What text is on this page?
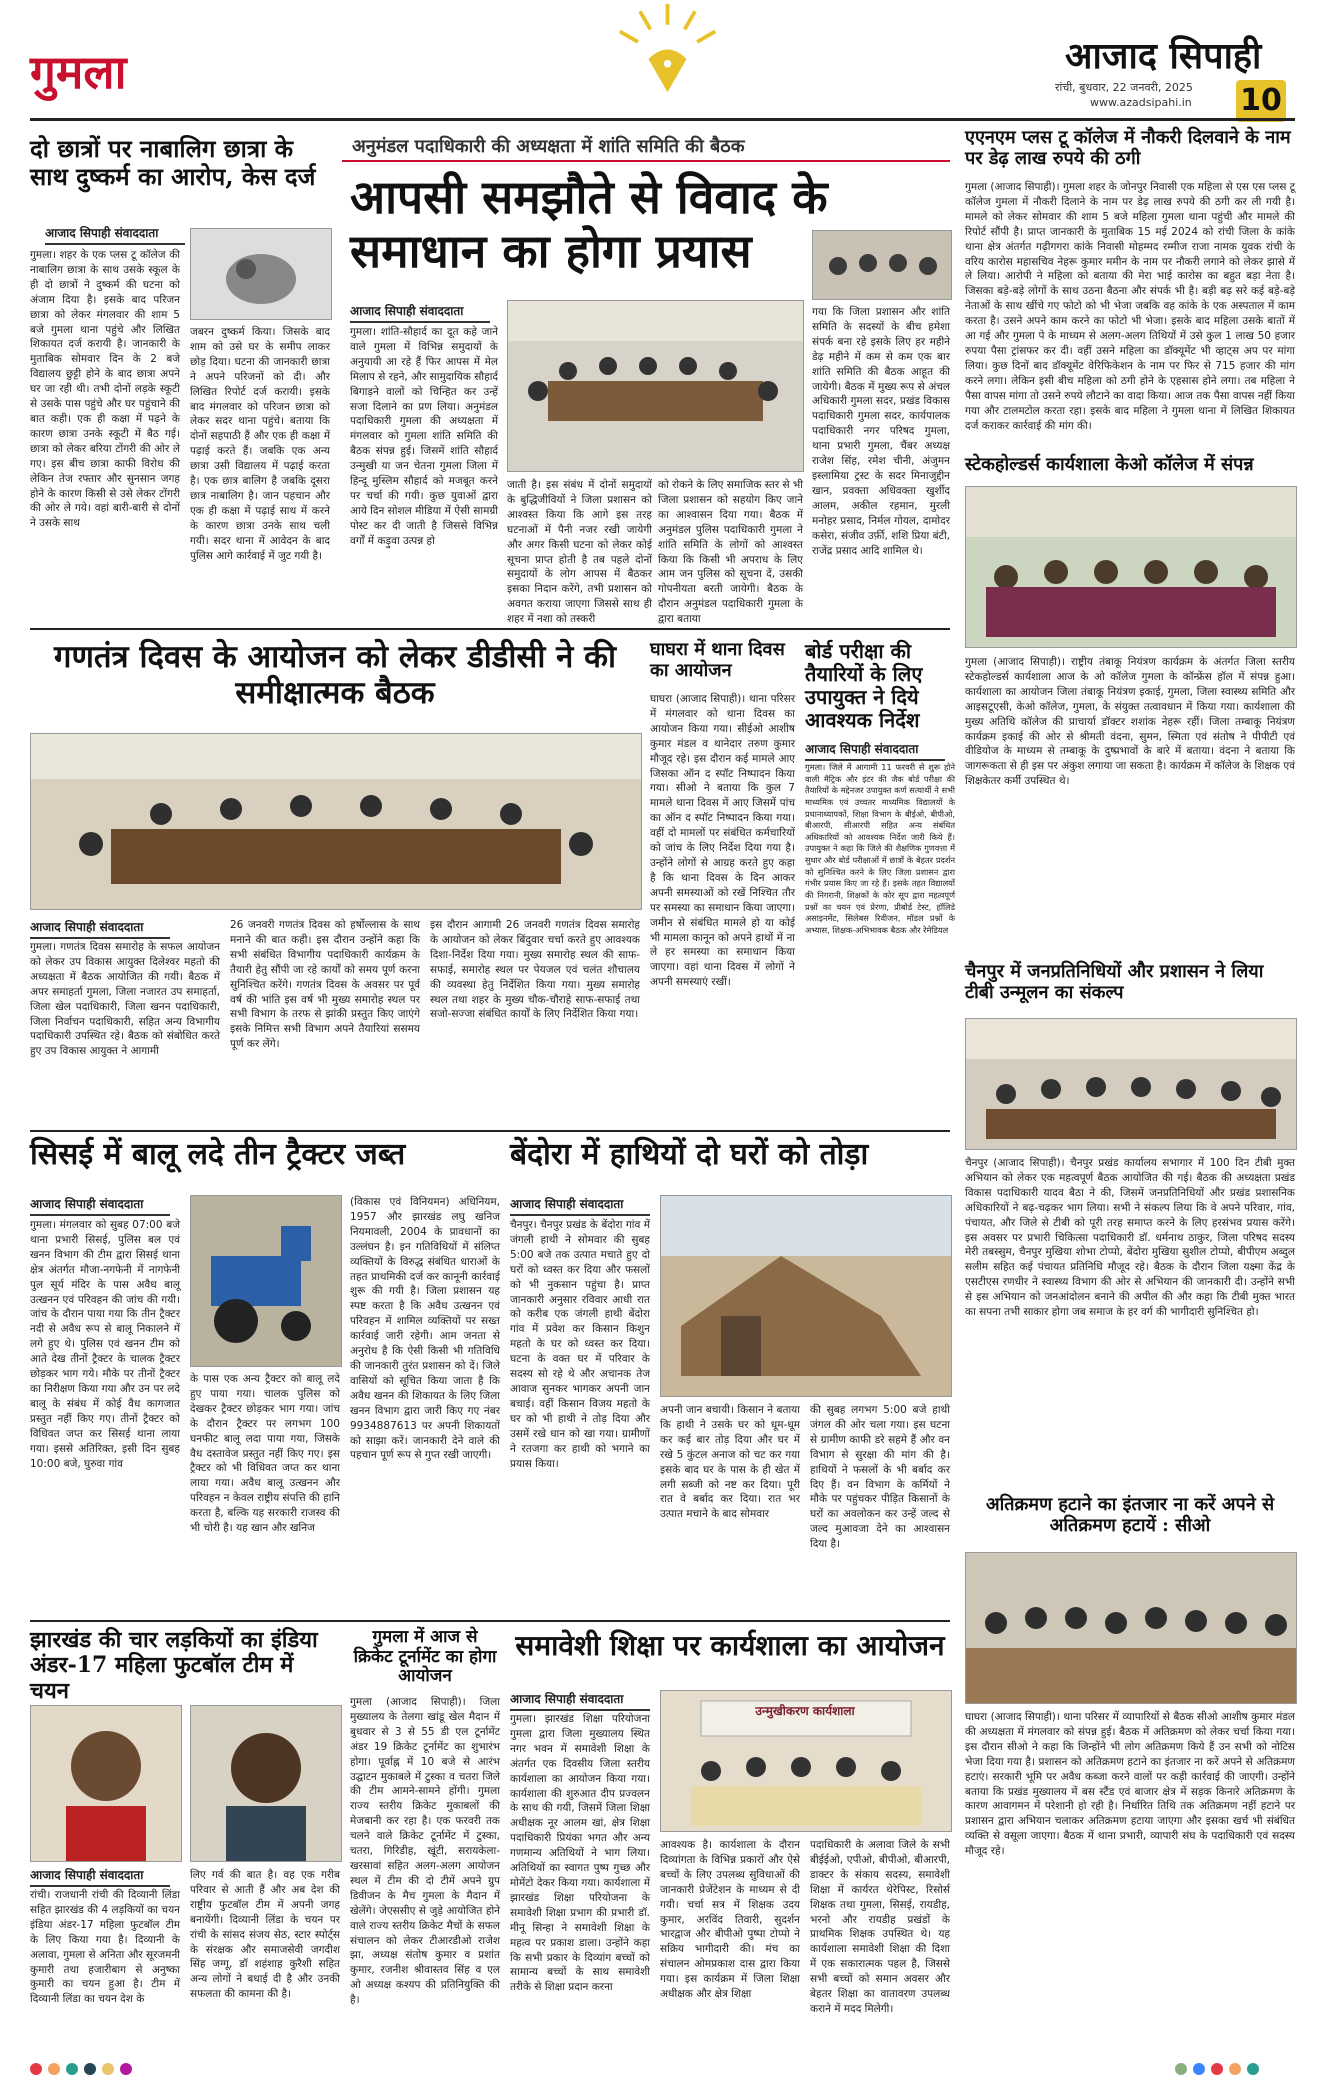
गुमला	आजाद सिपाही
रांची, बुधवार, 22 जनवरी, 2025
www.azadsipahi.in 10
दो छात्रों पर नाबालिग छात्रा के साथ दुष्कर्म का आरोप, केस दर्ज
आजाद सिपाही संवाददाता
गुमला। शहर के एक प्लस टू कॉलेज की नाबालिग छात्रा के साथ उसके स्कूल के ही दो छात्रों ने दुष्कर्म की घटना को अंजाम दिया है। इसके बाद परिजन छात्रा को लेकर मंगलवार की शाम 5 बजे गुमला थाना पहुंचे और लिखित शिकायत दर्ज करायी है। जानकारी के मुताबिक सोमवार दिन के 2 बजे विद्यालय छुट्टी होने के बाद छात्रा अपने घर जा रही थी। तभी दोनों लड़के स्कूटी से उसके पास पहुंचे और घर पहुंचाने की बात कही। एक ही कक्षा में पढ़ने के कारण छात्रा उनके स्कूटी में बैठ गई। छात्रा को लेकर बरिया टोंगरी की ओर ले गए। इस बीच छात्रा काफी विरोध की लेकिन तेज रफ्तार और सुनसान जगह होने के कारण किसी से उसे लेकर टोंगरी की ओर ले गये। वहां बारी-बारी से दोनों ने उसके साथ
जबरन दुष्कर्म किया। जिसके बाद शाम को उसे घर के समीप लाकर छोड़ दिया। घटना की जानकारी छात्रा ने अपने परिजनों को दी। और लिखित रिपोर्ट दर्ज करायी। इसके बाद मंगलवार को परिजन छात्रा को लेकर सदर थाना पहुंचे। बताया कि दोनों सहपाठी हैं और एक ही कक्षा में पढ़ाई करते हैं। जबकि एक अन्य छात्रा उसी विद्यालय में पढ़ाई करता है। एक छात्र बालिग है जबकि दूसरा छात्र नाबालिग है। जान पहचान और एक ही कक्षा में पढ़ाई साथ में करने के कारण छात्रा उनके साथ चली गयी। सदर थाना में आवेदन के बाद पुलिस आगे कार्रवाई में जुट गयी है।
अनुमंडल पदाधिकारी की अध्यक्षता में शांति समिति की बैठक
आपसी समझौते से विवाद के समाधान का होगा प्रयास
आजाद सिपाही संवाददाता
गुमला। शांति-सौहार्द का दूत कहे जाने वाले गुमला में विभिन्न समुदायों के अनुयायी आ रहे हैं फिर आपस में मेल मिलाप से रहने, और सामुदायिक सौहार्द बिगाड़ने वालों को चिन्हित कर उन्हें सजा दिलाने का प्रण लिया। अनुमंडल पदाधिकारी गुमला की अध्यक्षता में मंगलवार को गुमला शांति समिति की बैठक संपन्न हुई। जिसमें शांति सौहार्द उन्मुखी या जन चेतना गुमला जिला में हिन्दू मुस्लिम सौहार्द को मजबूत करने पर चर्चा की गयी। कुछ युवाओं द्वारा आये दिन सोशल मीडिया में ऐसी सामग्री पोस्ट कर दी जाती है जिससे विभिन्न वर्गों में कड़ुवा उत्पन्न हो
जाती है। इस संबंध में दोनों समुदायों के बुद्धिजीवियों ने जिला प्रशासन को आश्वस्त किया कि आगे इस तरह घटनाओं में पैनी नजर रखी जायेगी और अगर किसी घटना को लेकर कोई सूचना प्राप्त होती है तब पहले दोनों समुदायों के लोग आपस में बैठकर इसका निदान करेंगे, तभी प्रशासन को अवगत कराया जाएगा जिससे साथ ही शहर में नशा को तस्करी
को रोकने के लिए समाजिक स्तर से भी जिला प्रशासन को सहयोग किए जाने का आश्वासन दिया गया। बैठक में अनुमंडल पुलिस पदाधिकारी गुमला ने शांति समिति के लोगों को आश्वस्त किया कि किसी भी अपराध के लिए आम जन पुलिस को सूचना दें, उसकी गोपनीयता बरती जायेगी। बैठक के दौरान अनुमंडल पदाधिकारी गुमला के द्वारा बताया
गया कि जिला प्रशासन और शांति समिति के सदस्यों के बीच हमेशा संपर्क बना रहे इसके लिए हर महीने डेढ़ महीने में कम से कम एक बार शांति समिति की बैठक आहूत की जायेगी। बैठक में मुख्य रूप से अंचल अधिकारी गुमला सदर, प्रखंड विकास पदाधिकारी गुमला सदर, कार्यपालक पदाधिकारी नगर परिषद गुमला, थाना प्रभारी गुमला, चैंबर अध्यक्ष राजेश सिंह, रमेश चीनी, अंजुमन इस्लामिया ट्रस्ट के सदर मिनाजुद्दीन खान, प्रवक्ता अधिवक्ता खुर्शीद आलम, अकील रहमान, मुरली मनोहर प्रसाद, निर्मल गोयल, दामोदर कसेरा, संजीव उर्फ़ी, शशि प्रिया बंटी, राजेंद्र प्रसाद आदि शामिल थे।
एएनएम प्लस टू कॉलेज में नौकरी दिलवाने के नाम पर डेढ़ लाख रुपये की ठगी
गुमला (आजाद सिपाही)। गुमला शहर के जोनपुर निवासी एक महिला से एस एस प्लस टू कॉलेज गुमला में नौकरी दिलाने के नाम पर डेढ़ लाख रुपये की ठगी कर ली गयी है। मामले को लेकर सोमवार की शाम 5 बजे महिला गुमला थाना पहुंची और मामले की रिपोर्ट सौंपी है। प्राप्त जानकारी के मुताबिक 15 मई 2024 को रांची जिला के कांके थाना क्षेत्र अंतर्गत गढ़ीगगरा कांके निवासी मोहम्मद रम्मीज राजा नामक युवक रांची के वरिय कारोस महासचिव नेहरू कुमार ममीन के नाम पर नौकरी लगाने को लेकर झासे में ले लिया। आरोपी ने महिला को बताया की मेरा भाई कारोस का बहुत बड़ा नेता है। जिसका बड़े-बड़े लोगों के साथ उठना बैठना और संपर्क भी है। बड़ी बढ़ सरे कई बड़े-बड़े नेताओं के साथ खींचे गए फोटो को भी भेजा जबकि वह कांके के एक अस्पताल में काम करता है। उसने अपने काम करने का फोटो भी भेजा। इसके बाद महिला उसके बातों में आ गई और गुमला पे के माध्यम से अलग-अलग तिथियों में उसे कुल 1 लाख 50 हजार रुपया पैसा ट्रांसफर कर दी। वहीं उसने महिला का डॉक्यूमेंट भी व्हाट्स अप पर मांगा लिया। कुछ दिनों बाद डॉक्यूमेंट वेरिफिकेशन के नाम पर फिर से 715 हजार की मांग करने लगा। लेकिन इसी बीच महिला को ठगी होने के एहसास होने लगा। तब महिला ने पैसा वापस मांगा तो उसने रुपये लौटाने का वादा किया। आज तक पैसा वापस नहीं किया गया और टालमटोल करता रहा। इसके बाद महिला ने गुमला थाना में लिखित शिकायत दर्ज कराकर कार्रवाई की मांग की।
स्टेकहोल्डर्स कार्यशाला केओ कॉलेज में संपन्न
गुमला (आजाद सिपाही)। राष्ट्रीय तंबाकू नियंत्रण कार्यक्रम के अंतर्गत जिला स्तरीय स्टेकहोल्डर्स कार्यशाला आज के ओ कॉलेज गुमला के कॉन्फ्रेंस हॉल में संपन्न हुआ। कार्यशाला का आयोजन जिला तंबाकू नियंत्रण इकाई, गुमला, जिला स्वास्थ्य समिति और आइसटूएसी, केओ कॉलेज, गुमला, के संयुक्त तत्वावधान में किया गया। कार्यशाला की मुख्य अतिथि कॉलेज की प्राचार्या डॉक्टर शशांक नेहरू रहीं। जिला तम्बाकू नियंत्रण कार्यक्रम इकाई की ओर से श्रीमती वंदना, सुमन, स्मिता एवं संतोष ने पीपीटी एवं वीडियोज के माध्यम से तम्बाकू के दुष्प्रभावों के बारे में बताया। वंदना ने बताया कि जागरूकता से ही इस पर अंकुश लगाया जा सकता है। कार्यक्रम में कॉलेज के शिक्षक एवं शिक्षकेतर कर्मी उपस्थित थे।
गणतंत्र दिवस के आयोजन को लेकर डीडीसी ने की समीक्षात्मक बैठक
आजाद सिपाही संवाददाता
गुमला। गणतंत्र दिवस समारोह के सफल आयोजन को लेकर उप विकास आयुक्त दिलेश्वर महतो की अध्यक्षता में बैठक आयोजित की गयी। बैठक में अपर समाहर्ता गुमला, जिला नजारत उप समाहर्ता, जिला खेल पदाधिकारी, जिला खनन पदाधिकारी, जिला निर्वाचन पदाधिकारी, सहित अन्य विभागीय पदाधिकारी उपस्थित रहे। बैठक को संबोधित करते हुए उप विकास आयुक्त ने आगामी
26 जनवरी गणतंत्र दिवस को हर्षोल्लास के साथ मनाने की बात कही। इस दौरान उन्होंने कहा कि सभी संबंधित विभागीय पदाधिकारी कार्यक्रम के तैयारी हेतु सौंपी जा रहे कार्यों को समय पूर्ण करना सुनिश्चित करेंगे। गणतंत्र दिवस के अवसर पर पूर्व वर्ष की भांति इस वर्ष भी मुख्य समारोह स्थल पर सभी विभाग के तरफ से झांकी प्रस्तुत किए जाएंगे इसके निमित्त सभी विभाग अपने तैयारियां ससमय पूर्ण कर लेंगे।
इस दौरान आगामी 26 जनवरी गणतंत्र दिवस समारोह के आयोजन को लेकर बिंदुवार चर्चा करते हुए आवश्यक दिशा-निर्देश दिया गया। मुख्य समारोह स्थल की साफ-सफाई, समारोह स्थल पर पेयजल एवं चलंत शौचालय की व्यवस्था हेतु निर्देशित किया गया। मुख्य समारोह स्थल तथा शहर के मुख्य चौक-चौराहे साफ-सफाई तथा सजो-सज्जा संबंधित कार्यों के लिए निर्देशित किया गया।
घाघरा में थाना दिवस का आयोजन
घाघरा (आजाद सिपाही)। थाना परिसर में मंगलवार को थाना दिवस का आयोजन किया गया। सीईओ आशीष कुमार मंडल व थानेदार तरुण कुमार मौजूद रहे। इस दौरान कई मामले आए जिसका ऑन द स्पॉट निष्पादन किया गया। सीओ ने बताया कि कुल 7 मामले थाना दिवस में आए जिसमें पांच का ऑन द स्पॉट निष्पादन किया गया। वहीं दो मामलों पर संबंधित कर्मचारियों को जांच के लिए निर्देश दिया गया है। उन्होंने लोगों से आग्रह करते हुए कहा है कि थाना दिवस के दिन आकर अपनी समस्याओं को रखें निश्चित तौर पर समस्या का समाधान किया जाएगा। जमीन से संबंधित मामले हो या कोई भी मामला कानून को अपने हाथों में ना ले हर समस्या का समाधान किया जाएगा। वहां थाना दिवस में लोगों ने अपनी समस्याएं रखीं।
बोर्ड परीक्षा की तैयारियों के लिए उपायुक्त ने दिये आवश्यक निर्देश
आजाद सिपाही संवाददाता
गुमला। जिले में आगामी 11 फरवरी से शुरू होने वाली मैट्रिक और इंटर की जैक बोर्ड परीक्षा की तैयारियों के मद्देनजर उपायुक्त कर्ण सत्यार्थी ने सभी माध्यमिक एवं उच्चतर माध्यमिक विद्यालयों के प्रधानाध्यापकों, शिक्षा विभाग के बीईओ, बीपीओ, बीआरपी, सीआरपी सहित अन्य संबंधित अधिकारियों को आवश्यक निर्देश जारी किये हैं। उपायुक्त ने कहा कि जिले की शैक्षणिक गुणवत्ता में सुधार और बोर्ड परीक्षाओं में छात्रों के बेहतर प्रदर्शन को सुनिश्चित करने के लिए जिला प्रशासन द्वारा गंभीर प्रयास किए जा रहे हैं। इसके तहत विद्यालयों की निगरानी, शिक्षकों के कोर सूप द्वारा महत्वपूर्ण प्रश्नों का चयन एवं प्रेरणा, प्रीबोर्ड टेस्ट, हॉलिडे असाइनमेंट, सिलेबस रिवीजन, मॉडल प्रश्नों के अभ्यास, शिक्षक-अभिभावक बैठक और रेमेडियल
चैनपुर में जनप्रतिनिधियों और प्रशासन ने लिया टीबी उन्मूलन का संकल्प
चैनपुर (आजाद सिपाही)। चैनपुर प्रखंड कार्यालय सभागार में 100 दिन टीबी मुक्त अभियान को लेकर एक महत्वपूर्ण बैठक आयोजित की गई। बैठक की अध्यक्षता प्रखंड विकास पदाधिकारी यादव बैठा ने की, जिसमें जनप्रतिनिधियों और प्रखंड प्रशासनिक अधिकारियों ने बढ़-चढ़कर भाग लिया। सभी ने संकल्प लिया कि वे अपने परिवार, गांव, पंचायत, और जिले से टीबी को पूरी तरह समाप्त करने के लिए हरसंभव प्रयास करेंगे। इस अवसर पर प्रभारी चिकित्सा पदाधिकारी डॉ. धर्मनाथ ठाकुर, जिला परिषद सदस्य मेरी तबस्सुम, चैनपुर मुखिया शोभा टोप्पो, बेंदोरा मुखिया सुशील टोप्पो, बीपीएम अब्दुल सलीम सहित कई पंचायत प्रतिनिधि मौजूद रहे। बैठक के दौरान जिला यक्ष्मा केंद्र के एसटीएस रणधीर ने स्वास्थ्य विभाग की ओर से अभियान की जानकारी दी। उन्होंने सभी से इस अभियान को जनआंदोलन बनाने की अपील की और कहा कि टीबी मुक्त भारत का सपना तभी साकार होगा जब समाज के हर वर्ग की भागीदारी सुनिश्चित हो।
सिसई में बालू लदे तीन ट्रैक्टर जब्त
आजाद सिपाही संवाददाता
गुमला। मंगलवार को सुबह 07:00 बजे थाना प्रभारी सिसई, पुलिस बल एवं खनन विभाग की टीम द्वारा सिसई थाना क्षेत्र अंतर्गत मौजा-नगफेनी में नागफेनी पुल सूर्य मंदिर के पास अवैध बालू उत्खनन एवं परिवहन की जांच की गयी। जांच के दौरान पाया गया कि तीन ट्रैक्टर नदी से अवैध रूप से बालू निकालने में लगे हुए थे। पुलिस एवं खनन टीम को आते देख तीनों ट्रैक्टर के चालक ट्रैक्टर छोड़कर भाग गये। मौके पर तीनों ट्रैक्टर का निरीक्षण किया गया और उन पर लदे बालू के संबंध में कोई वैध कागजात प्रस्तुत नहीं किए गए। तीनों ट्रैक्टर को विधिवत जप्त कर सिसई थाना लाया गया। इससे अतिरिक्त, इसी दिन सुबह 10:00 बजे, घुरुवा गांव
के पास एक अन्य ट्रैक्टर को बालू लदे हुए पाया गया। चालक पुलिस को देखकर ट्रैक्टर छोड़कर भाग गया। जांच के दौरान ट्रैक्टर पर लगभग 100 घनफीट बालू लदा पाया गया, जिसके वैध दस्तावेज प्रस्तुत नहीं किए गए। इस ट्रैक्टर को भी विधिवत जप्त कर थाना लाया गया। अवैध बालू उत्खनन और परिवहन न केवल राष्ट्रीय संपत्ति की हानि करता है, बल्कि यह सरकारी राजस्व की भी चोरी है। यह खान और खनिज
(विकास एवं विनियमन) अधिनियम, 1957 और झारखंड लघु खनिज नियमावली, 2004 के प्रावधानों का उल्लंघन है। इन गतिविधियों में संलिप्त व्यक्तियों के विरुद्ध संबंधित धाराओं के तहत प्राथमिकी दर्ज कर कानूनी कार्रवाई शुरू की गयी है। जिला प्रशासन यह स्पष्ट करता है कि अवैध उत्खनन एवं परिवहन में शामिल व्यक्तियों पर सख्त कार्रवाई जारी रहेगी। आम जनता से अनुरोध है कि ऐसी किसी भी गतिविधि की जानकारी तुरंत प्रशासन को दें। जिले वासियों को सूचित किया जाता है कि अवैध खनन की शिकायत के लिए जिला खनन विभाग द्वारा जारी किए गए नंबर 9934887613 पर अपनी शिकायतों को साझा करें। जानकारी देने वाले की पहचान पूर्ण रूप से गुप्त रखी जाएगी।
बेंदोरा में हाथियों दो घरों को तोड़ा
आजाद सिपाही संवाददाता
चैनपुर। चैनपुर प्रखंड के बेंदोरा गांव में जंगली हाथी ने सोमवार की सुबह 5:00 बजे तक उत्पात मचाते हुए दो घरों को ध्वस्त कर दिया और फसलों को भी नुकसान पहुंचा है। प्राप्त जानकारी अनुसार रविवार आधी रात को करीब एक जंगली हाथी बेंदोरा गांव में प्रवेश कर किसान किशुन महतो के घर को ध्वस्त कर दिया। घटना के वक्त घर में परिवार के सदस्य सो रहे थे और अचानक तेज आवाज सुनकर भागकर अपनी जान बचाई। वहीं किसान विजय महतो के घर को भी हाथी ने तोड़ दिया और उसमें रखे धान को खा गया। ग्रामीणों ने रतजगा कर हाथी को भगाने का प्रयास किया।
अपनी जान बचायी। किसान ने बताया कि हाथी ने उसके घर को धूम-धूम कर कई बार तोड़ दिया और घर में रखे 5 कुंटल अनाज को चट कर गया इसके बाद घर के पास के ही खेत में लगी सब्जी को नष्ट कर दिया। पूरी रात वे बर्बाद कर दिया। रात भर उत्पात मचाने के बाद सोमवार
की सुबह लगभग 5:00 बजे हाथी जंगल की ओर चला गया। इस घटना से ग्रामीण काफी डरे सहमे हैं और वन विभाग से सुरक्षा की मांग की है। हाथियों ने फसलों के भी बर्बाद कर दिए हैं। वन विभाग के कर्मियों ने मौके पर पहुंचकर पीड़ित किसानों के घरों का अवलोकन कर उन्हें जल्द से जल्द मुआवजा देने का आश्वासन दिया है।
अतिक्रमण हटाने का इंतजार ना करें अपने से अतिक्रमण हटायें : सीओ
घाघरा (आजाद सिपाही)। थाना परिसर में व्यापारियों से बैठक सीओ आशीष कुमार मंडल की अध्यक्षता में मंगलवार को संपन्न हुई। बैठक में अतिक्रमण को लेकर चर्चा किया गया। इस दौरान सीओ ने कहा कि जिन्होंने भी लोग अतिक्रमण किये हैं उन सभी को नोटिस भेजा दिया गया है। प्रशासन को अतिक्रमण हटाने का इंतजार ना करें अपने से अतिक्रमण हटाएं। सरकारी भूमि पर अवैध कब्जा करने वालों पर कड़ी कार्रवाई की जाएगी। उन्होंने बताया कि प्रखंड मुख्यालय में बस स्टैंड एवं बाजार क्षेत्र में सड़क किनारे अतिक्रमण के कारण आवागमन में परेशानी हो रही है। निर्धारित तिथि तक अतिक्रमण नहीं हटाने पर प्रशासन द्वारा अभियान चलाकर अतिक्रमण हटाया जाएगा और इसका खर्च भी संबंधित व्यक्ति से वसूला जाएगा। बैठक में थाना प्रभारी, व्यापारी संघ के पदाधिकारी एवं सदस्य मौजूद रहे।
झारखंड की चार लड़कियों का इंडिया अंडर-17 महिला फुटबॉल टीम में चयन
आजाद सिपाही संवाददाता
रांची। राजधानी रांची की दिव्यानी लिंडा सहित झारखंड की 4 लड़कियों का चयन इंडिया अंडर-17 महिला फुटबॉल टीम के लिए किया गया है। दिव्यानी के अलावा, गुमला से अनिता और सूरजमनी कुमारी तथा हजारीबाग से अनुष्का कुमारी का चयन हुआ है। टीम में दिव्यानी लिंडा का चयन देश के
लिए गर्व की बात है। वह एक गरीब परिवार से आती हैं और अब देश की राष्ट्रीय फुटबॉल टीम में अपनी जगह बनायेंगी। दिव्यानी लिंडा के चयन पर रांची के सांसद संजय सेठ, स्टार स्पोर्ट्स के संरक्षक और समाजसेवी जगदीश सिंह जग्गू, डॉ शहंशाह कुरैशी सहित अन्य लोगों ने बधाई दी है और उनकी सफलता की कामना की है।
गुमला में आज से क्रिकेट टूर्नामेंट का होगा आयोजन
गुमला (आजाद सिपाही)। जिला मुख्यालय के तेलगा खांडू खेल मैदान में बुधवार से 3 से 55 डी एल टूर्नामेंट अंडर 19 क्रिकेट टूर्नामेंट का शुभारंभ होगा। पूर्वाह्न में 10 बजे से आरंभ उद्घाटन मुकाबले में टुस्का व चतरा जिले की टीम आमने-सामने होंगी। गुमला राज्य स्तरीय क्रिकेट मुकाबलों की मेजबानी कर रहा है। एक फरवरी तक चलने वाले क्रिकेट टूर्नामेंट में टुस्का, चतरा, गिरिडीह, खूंटी, सरायकेला-खरसावां सहित अलग-अलग आयोजन स्थल में टीम की दो टीमें अपने ग्रुप डिवीजन के मैच गुमला के मैदान में खेलेंगे। जेएससीए से जुड़े आयोजित होने वाले राज्य स्तरीय क्रिकेट मैचों के सफल संचालन को लेकर टीआरडीओ राजेश झा, अध्यक्ष संतोष कुमार व प्रशांत कुमार, रजनीश श्रीवास्तव सिंह व एल ओ अध्यक्ष कश्यप की प्रतिनियुक्ति की है।
समावेशी शिक्षा पर कार्यशाला का आयोजन
आजाद सिपाही संवाददाता
गुमला। झारखंड शिक्षा परियोजना गुमला द्वारा जिला मुख्यालय स्थित नगर भवन में समावेशी शिक्षा के अंतर्गत एक दिवसीय जिला स्तरीय कार्यशाला का आयोजन किया गया। कार्यशाला की शुरुआत दीप प्रज्वलन के साथ की गयी, जिसमें जिला शिक्षा अधीक्षक नूर आलम खां, क्षेत्र शिक्षा पदाधिकारी प्रियंका भगत और अन्य गणमान्य अतिथियों ने भाग लिया। अतिथियों का स्वागत पुष्प गुच्छ और मोमेंटो देकर किया गया। कार्यशाला में झारखंड शिक्षा परियोजना के समावेशी शिक्षा प्रभाग की प्रभारी डॉ. मीनू सिन्हा ने समावेशी शिक्षा के महत्व पर प्रकाश डाला। उन्होंने कहा कि सभी प्रकार के दिव्यांग बच्चों को सामान्य बच्चों के साथ समावेशी तरीके से शिक्षा प्रदान करना
उन्मुखीकरण कार्यशाला
आवश्यक है। कार्यशाला के दौरान दिव्यांगता के विभिन्न प्रकारों और ऐसे बच्चों के लिए उपलब्ध सुविधाओं की जानकारी प्रेजेंटेशन के माध्यम से दी गयी। चर्चा सत्र में शिक्षक उदय कुमार, अरविंद तिवारी, सुदर्शन भारद्वाज और बीपीओ पुष्पा टोप्पो ने सक्रिय भागीदारी की। मंच का संचालन ओमप्रकाश दास द्वारा किया गया। इस कार्यक्रम में जिला शिक्षा अधीक्षक और क्षेत्र शिक्षा
पदाधिकारी के अलावा जिले के सभी बीईईओ, एपीओ, बीपीओ, बीआरपी, डाक्टर के संकाय सदस्य, समावेशी शिक्षा में कार्यरत थेरेपिस्ट, रिसोर्स शिक्षक तथा गुमला, सिसई, रायडीह, भरनो और रायडीह प्रखंडों के प्राथमिक शिक्षक उपस्थित थे। यह कार्यशाला समावेशी शिक्षा की दिशा में एक सकारात्मक पहल है, जिससे सभी बच्चों को समान अवसर और बेहतर शिक्षा का वातावरण उपलब्ध कराने में मदद मिलेगी।
